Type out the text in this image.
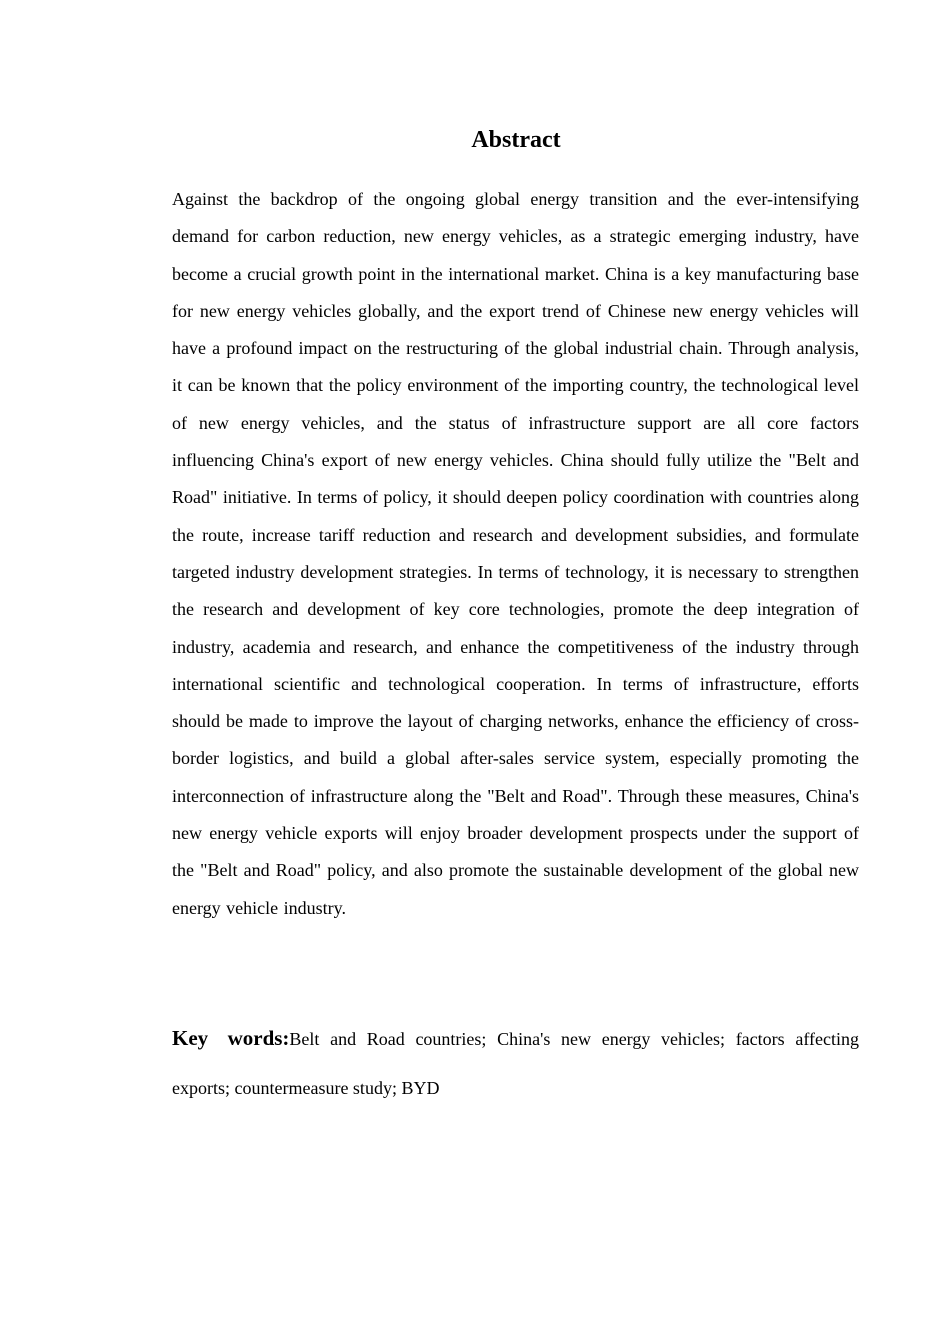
Abstract

Against the backdrop of the ongoing global energy transition and the ever-intensifying demand for carbon reduction, new energy vehicles, as a strategic emerging industry, have become a crucial growth point in the international market. China is a key manufacturing base for new energy vehicles globally, and the export trend of Chinese new energy vehicles will have a profound impact on the restructuring of the global industrial chain. Through analysis, it can be known that the policy environment of the importing country, the technological level of new energy vehicles, and the status of infrastructure support are all core factors influencing China's export of new energy vehicles. China should fully utilize the "Belt and Road" initiative. In terms of policy, it should deepen policy coordination with countries along the route, increase tariff reduction and research and development subsidies, and formulate targeted industry development strategies. In terms of technology, it is necessary to strengthen the research and development of key core technologies, promote the deep integration of industry, academia and research, and enhance the competitiveness of the industry through international scientific and technological cooperation. In terms of infrastructure, efforts should be made to improve the layout of charging networks, enhance the efficiency of cross-border logistics, and build a global after-sales service system, especially promoting the interconnection of infrastructure along the "Belt and Road". Through these measures, China's new energy vehicle exports will enjoy broader development prospects under the support of the "Belt and Road" policy, and also promote the sustainable development of the global new energy vehicle industry.

Key words:Belt and Road countries; China's new energy vehicles; factors affecting exports; countermeasure study; BYD
